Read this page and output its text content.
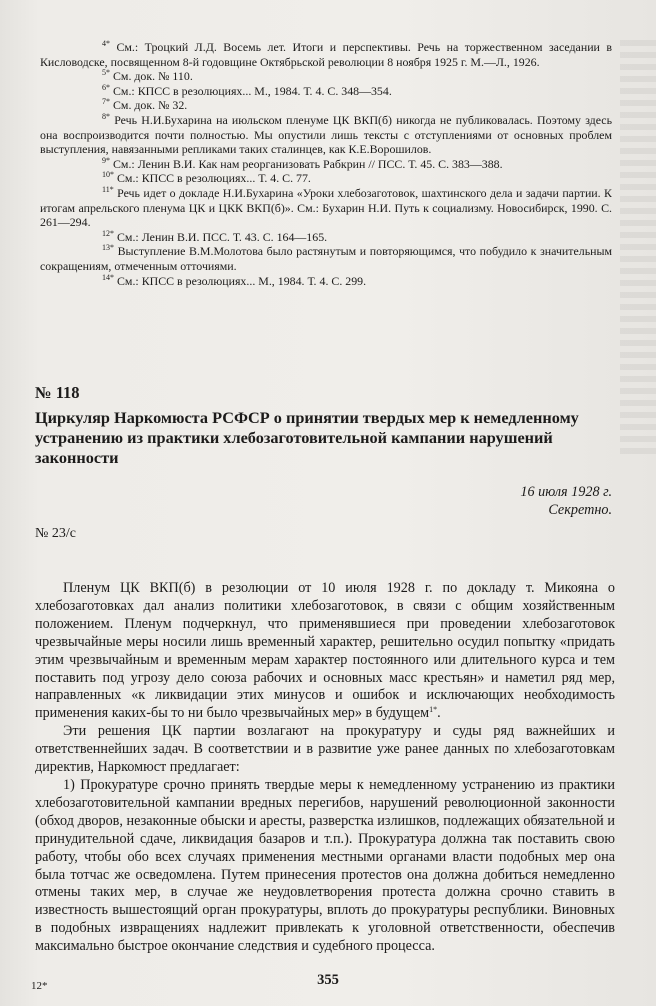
$^{4*}$ См.: Троцкий Л.Д. Восемь лет. Итоги и перспективы. Речь на торжественном заседании в Кисловодске, посвященном 8-й годовщине Октябрьской революции 8 ноября 1925 г. М.—Л., 1926.

$^{5*}$ См. док. № 110.

$^{6*}$ См.: КПСС в резолюциях... М., 1984. Т. 4. С. 348—354.

$^{7*}$ См. док. № 32.

$^{8*}$ Речь Н.И.Бухарина на июльском пленуме ЦК ВКП(б) никогда не публиковалась. Поэтому здесь она воспроизводится почти полностью. Мы опустили лишь тексты с отступлениями от основных проблем выступления, навязанными репликами таких сталинцев, как К.Е.Ворошилов.

$^{9*}$ См.: Ленин В.И. Как нам реорганизовать Рабкрин // ПСС. Т. 45. С. 383—388.

$^{10*}$ См.: КПСС в резолюциях... Т. 4. С. 77.

$^{11*}$ Речь идет о докладе Н.И.Бухарина «Уроки хлебозаготовок, шахтинского дела и задачи партии. К итогам апрельского пленума ЦК и ЦКК ВКП(б)». См.: Бухарин Н.И. Путь к социализму. Новосибирск, 1990. С. 261—294.

$^{12*}$ См.: Ленин В.И. ПСС. Т. 43. С. 164—165.

$^{13*}$ Выступление В.М.Молотова было растянутым и повторяющимся, что побудило к значительным сокращениям, отмеченным отточиями.

$^{14*}$ См.: КПСС в резолюциях... М., 1984. Т. 4. С. 299.

№ 118
Циркуляр Наркомюста РСФСР о принятии твердых мер к немедленному устранению из практики хлебозаготовительной кампании нарушений законности
16 июля 1928 г.
Секретно.
№ 23/с

Пленум ЦК ВКП(б) в резолюции от 10 июля 1928 г. по докладу т. Микояна о хлебозаготовках дал анализ политики хлебозаготовок, в связи с общим хозяйственным положением. Пленум подчеркнул, что применявшиеся при проведении хлебозаготовок чрезвычайные меры носили лишь временный характер, решительно осудил попытку «придать этим чрезвычайным и временным мерам характер постоянного или длительного курса и тем поставить под угрозу дело союза рабочих и основных масс крестьян» и наметил ряд мер, направленных «к ликвидации этих минусов и ошибок и исключающих необходимость применения каких-бы то ни было чрезвычайных мер» в будущем$^{1*}$.

Эти решения ЦК партии возлагают на прокуратуру и суды ряд важнейших и ответственнейших задач. В соответствии и в развитие уже ранее данных по хлебозаготовкам директив, Наркомюст предлагает:

1) Прокуратуре срочно принять твердые меры к немедленному устранению из практики хлебозаготовительной кампании вредных перегибов, нарушений революционной законности (обход дворов, незаконные обыски и аресты, разверстка излишков, подлежащих обязательной и принудительной сдаче, ликвидация базаров и т.п.). Прокуратура должна так поставить свою работу, чтобы обо всех случаях применения местными органами власти подобных мер она была тотчас же осведомлена. Путем принесения протестов она должна добиться немедленно отмены таких мер, в случае же неудовлетворения протеста должна срочно ставить в известность вышестоящий орган прокуратуры, вплоть до прокуратуры республики. Виновных в подобных извращениях надлежит привлекать к уголовной ответственности, обеспечив максимально быстрое окончание следствия и судебного процесса.

12*	355
